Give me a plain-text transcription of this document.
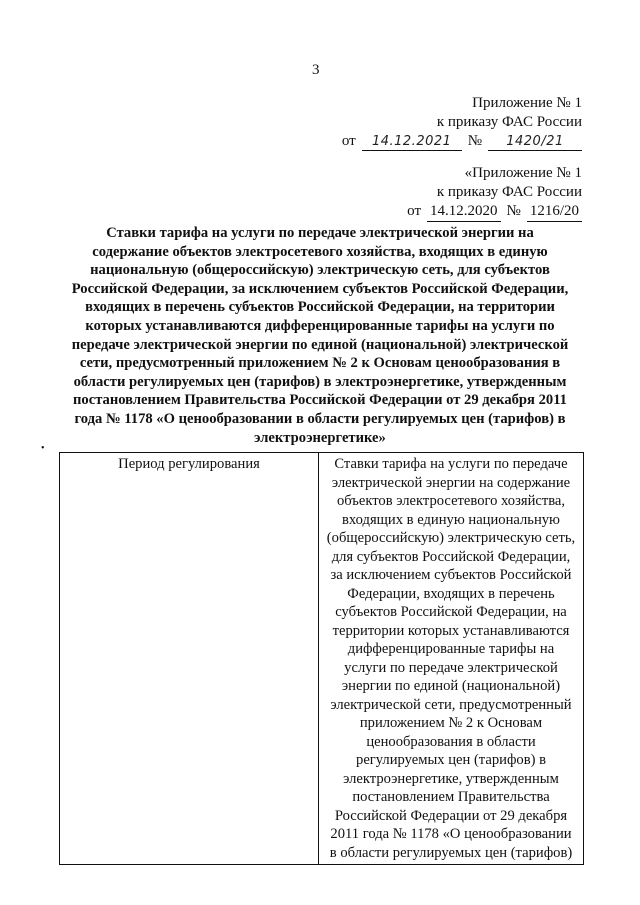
3
Приложение № 1
к приказу ФАС России
от	14.12.2021	№	1420/21
«Приложение № 1
к приказу ФАС России
от 14.12.2020 № 1216/20
Ставки тарифа на услуги по передаче электрической энергии на
содержание объектов электросетевого хозяйства, входящих в единую
национальную (общероссийскую) электрическую сеть, для субъектов
Российской Федерации, за исключением субъектов Российской Федерации,
входящих в перечень субъектов Российской Федерации, на территории
которых устанавливаются дифференцированные тарифы на услуги по
передаче электрической энергии по единой (национальной) электрической
сети, предусмотренный приложением № 2 к Основам ценообразования в
области регулируемых цен (тарифов) в электроэнергетике, утвержденным
постановлением Правительства Российской Федерации от 29 декабря 2011
года № 1178 «О ценообразовании в области регулируемых цен (тарифов) в
электроэнергетике»
•
Период регулирования	Ставки тарифа на услуги по передаче
электрической энергии на содержание
объектов электросетевого хозяйства,
входящих в единую национальную
(общероссийскую) электрическую сеть,
для субъектов Российской Федерации,
за исключением субъектов Российской
Федерации, входящих в перечень
субъектов Российской Федерации, на
территории которых устанавливаются
дифференцированные тарифы на
услуги по передаче электрической
энергии по единой (национальной)
электрической сети, предусмотренный
приложением № 2 к Основам
ценообразования в области
регулируемых цен (тарифов) в
электроэнергетике, утвержденным
постановлением Правительства
Российской Федерации от 29 декабря
2011 года № 1178 «О ценообразовании
в области регулируемых цен (тарифов)
